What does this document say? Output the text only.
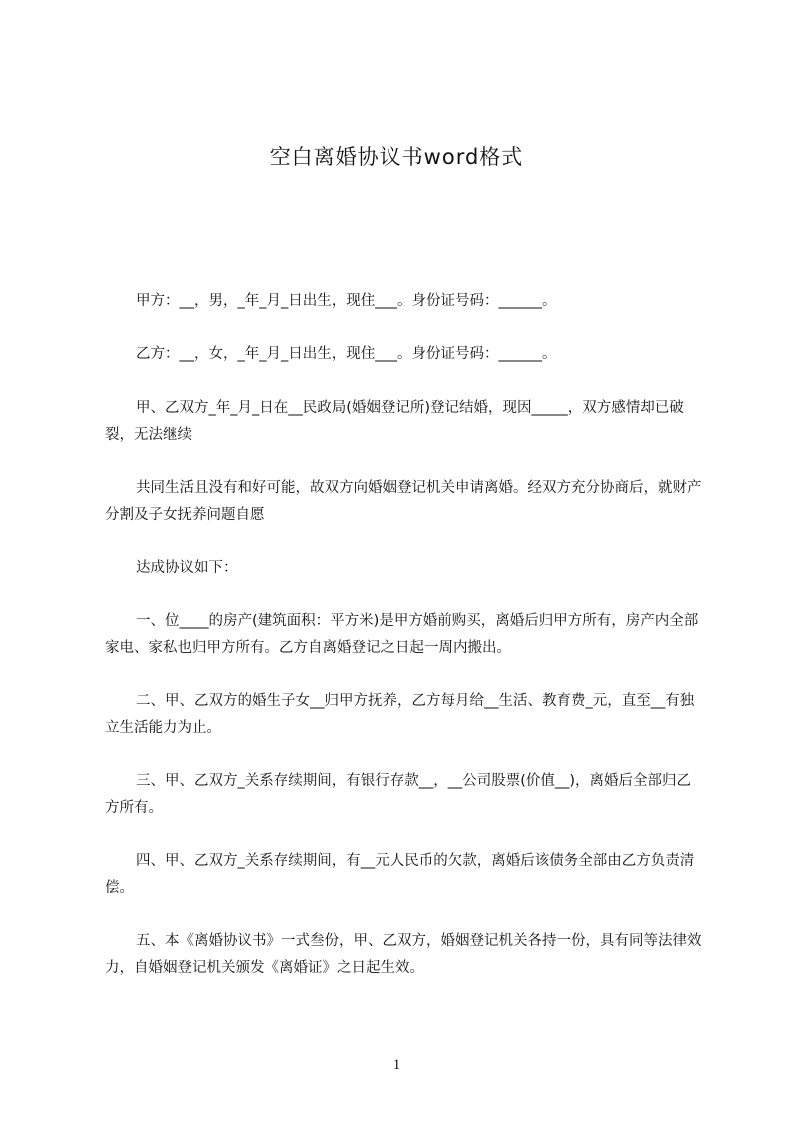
空白离婚协议书word格式

甲方：__，男，_年_月_日出生，现住___。身份证号码：______。

乙方：__，女，_年_月_日出生，现住___。身份证号码：______。

甲、乙双方_年_月_日在__民政局(婚姻登记所)登记结婚，现因_____，双方感情却已破裂，无法继续

共同生活且没有和好可能，故双方向婚姻登记机关申请离婚。经双方充分协商后，就财产分割及子女抚养问题自愿

达成协议如下：

一、位____的房产(建筑面积：平方米)是甲方婚前购买，离婚后归甲方所有，房产内全部家电、家私也归甲方所有。乙方自离婚登记之日起一周内搬出。

二、甲、乙双方的婚生子女__归甲方抚养，乙方每月给__生活、教育费_元，直至__有独立生活能力为止。

三、甲、乙双方_关系存续期间，有银行存款__，__公司股票(价值__)，离婚后全部归乙方所有。

四、甲、乙双方_关系存续期间，有__元人民币的欠款，离婚后该债务全部由乙方负责清偿。

五、本《离婚协议书》一式叁份，甲、乙双方，婚姻登记机关各持一份，具有同等法律效力，自婚姻登记机关颁发《离婚证》之日起生效。

1
